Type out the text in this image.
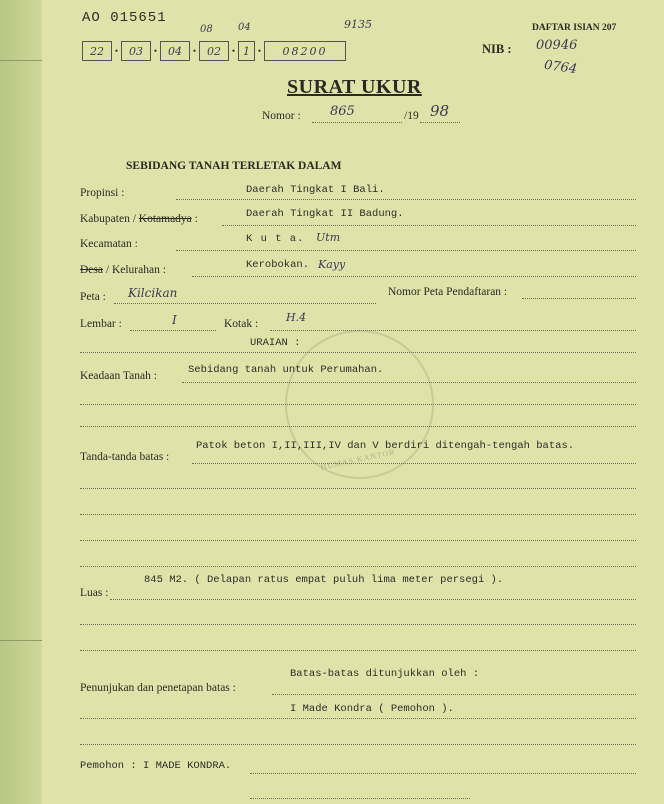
AO 015651
DAFTAR ISIAN 207
NIB : 00946
0764
08	04	9135
22	• 03	• 04	• 02	• 1 •	08200
SURAT UKUR
Nomor : 865	/19 98
SEBIDANG TANAH TERLETAK DALAM
Propinsi :	Daerah Tingkat I Bali.
Kabupaten / Kotamadya :	Daerah Tingkat II Badung.
Kecamatan :	K u t a. Utm
Desa / Kelurahan :	Kerobokan. Kayy
Peta : Kilcikan	Nomor Peta Pendaftaran :
Lembar :	I	Kotak :	H.4
URAIAN :
HUMAS KANTOR
Keadaan Tanah :	Sebidang tanah untuk Perumahan.
Tanda-tanda batas :
Patok beton I,II,III,IV dan V berdiri ditengah-tengah batas.
Luas :
845 M2. ( Delapan ratus empat puluh lima meter persegi ).
Penunjukan dan penetapan batas :
Batas-batas ditunjukkan oleh :
I Made Kondra ( Pemohon ).
Pemohon : I MADE KONDRA.
